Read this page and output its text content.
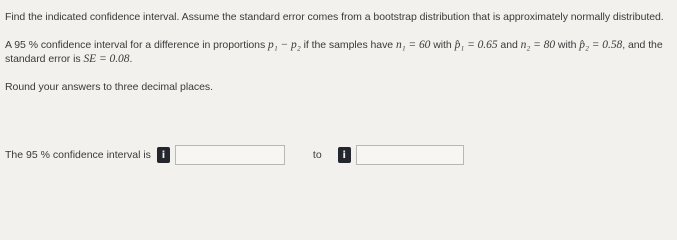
Find the indicated confidence interval. Assume the standard error comes from a bootstrap distribution that is approximately normally distributed.

A 95 % confidence interval for a difference in proportions p₁ − p₂ if the samples have n₁ = 60 with p̂₁ = 0.65 and n₂ = 80 with p̂₂ = 0.58, and the standard error is SE = 0.08.

Round your answers to three decimal places.

The 95 % confidence interval is	i	to	i
